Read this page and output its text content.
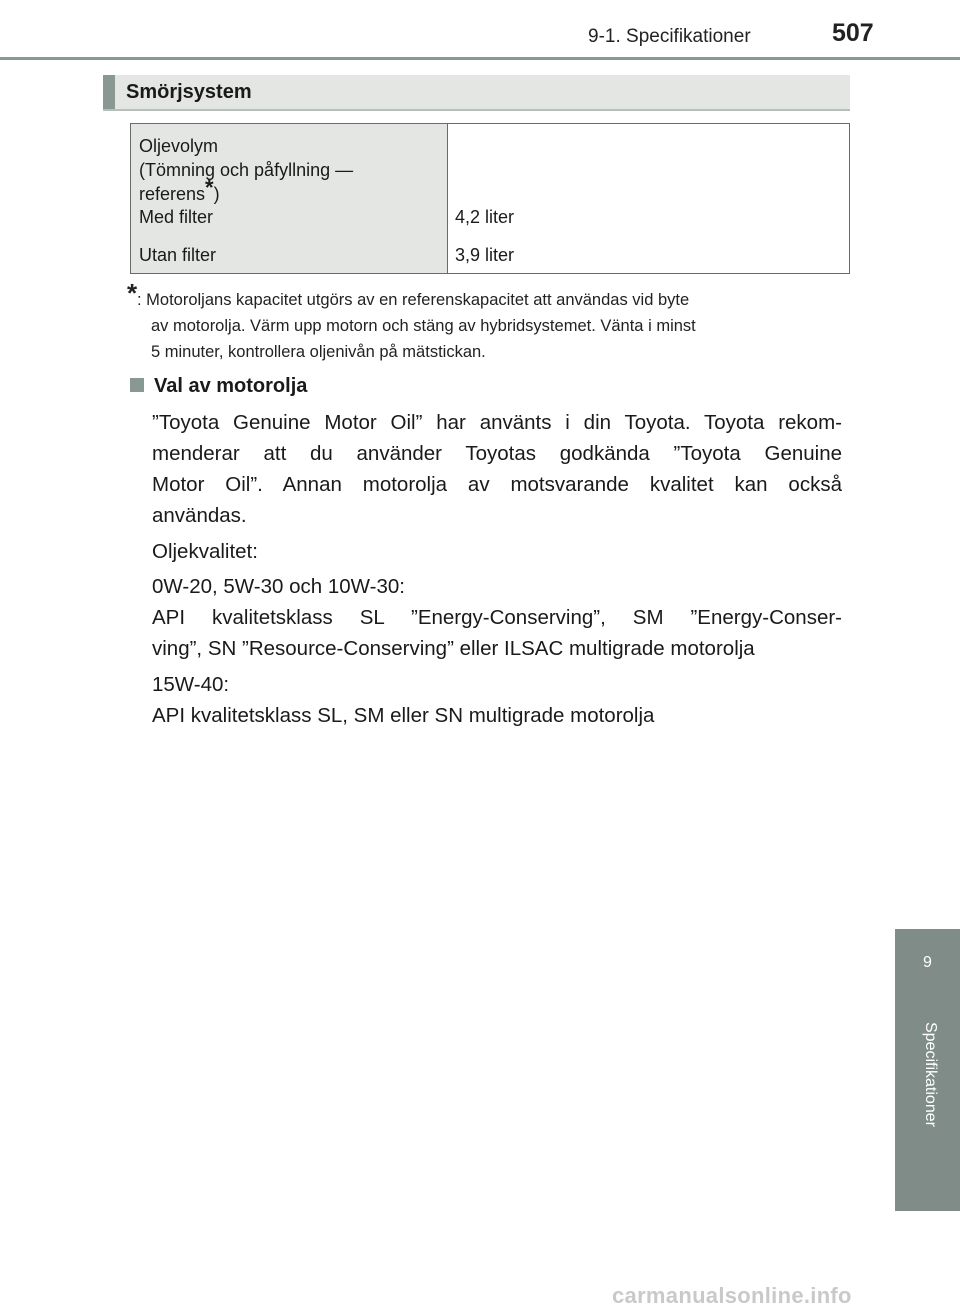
9-1. Specifikationer	507
Smörjsystem
Oljevolym
(Tömning och påfyllning —
referens*)
Med filter	4,2 liter
Utan filter	3,9 liter
* : Motoroljans kapacitet utgörs av en referenskapacitet att användas vid byte
av motorolja. Värm upp motorn och stäng av hybridsystemet. Vänta i minst
5 minuter, kontrollera oljenivån på mätstickan.
Val av motorolja
”Toyota Genuine Motor Oil” har använts i din Toyota. Toyota rekom-
menderar att du använder Toyotas godkända ”Toyota Genuine
Motor Oil”. Annan motorolja av motsvarande kvalitet kan också
användas.
Oljekvalitet:
0W-20, 5W-30 och 10W-30:
API kvalitetsklass SL ”Energy-Conserving”, SM ”Energy-Conser-
ving”, SN ”Resource-Conserving” eller ILSAC multigrade motorolja
15W-40:
API kvalitetsklass SL, SM eller SN multigrade motorolja
9
Specifikationer
carmanualsonline.info
